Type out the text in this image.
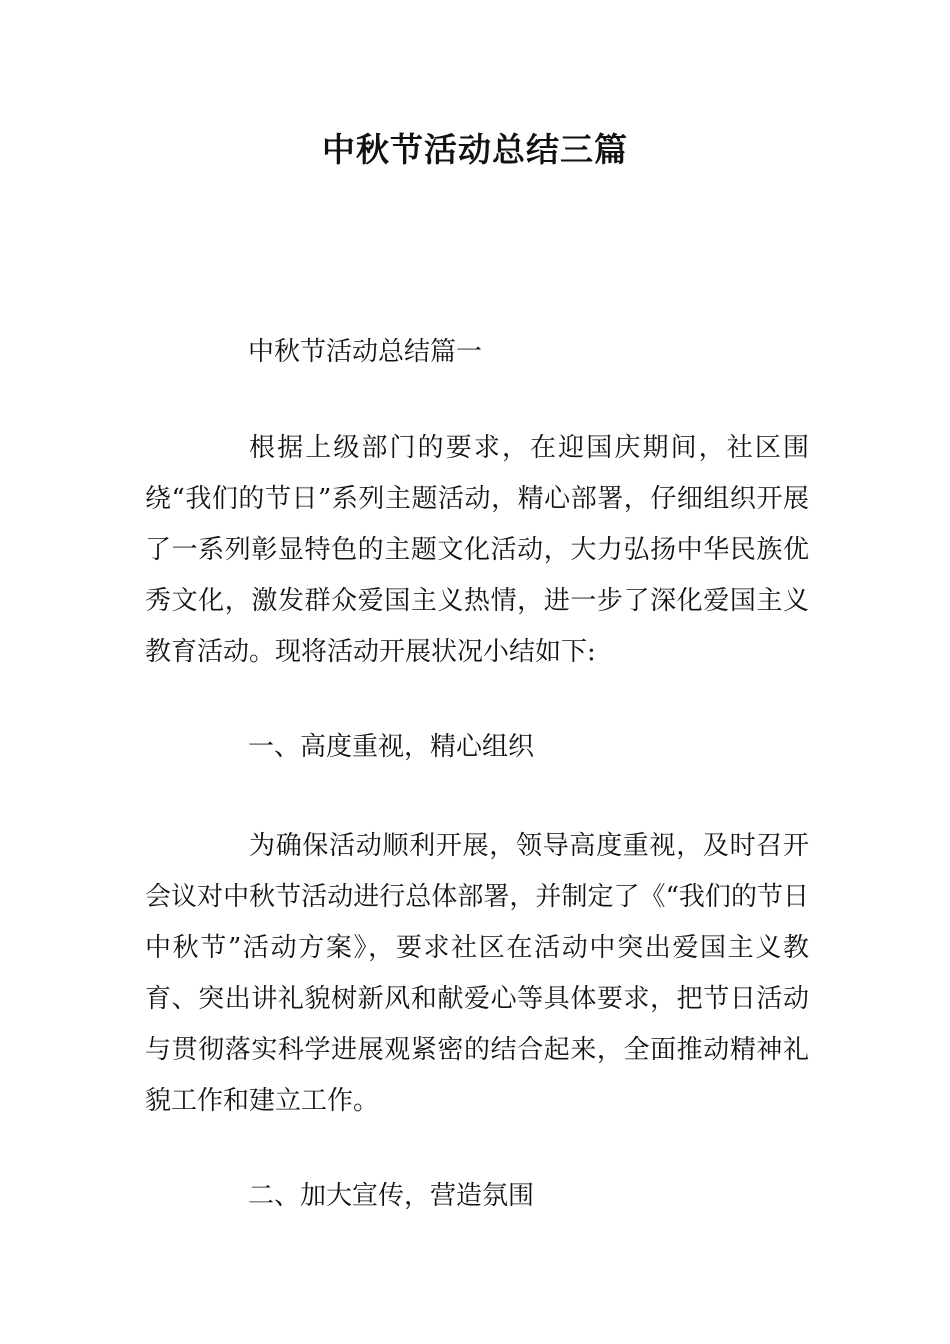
中秋节活动总结三篇

中秋节活动总结篇一

根据上级部门的要求，在迎国庆期间，社区围绕“我们的节日”系列主题活动，精心部署，仔细组织开展了一系列彰显特色的主题文化活动，大力弘扬中华民族优秀文化，激发群众爱国主义热情，进一步了深化爱国主义教育活动。现将活动开展状况小结如下:

一、高度重视，精心组织

为确保活动顺利开展，领导高度重视，及时召开会议对中秋节活动进行总体部署，并制定了《“我们的节日中秋节”活动方案》，要求社区在活动中突出爱国主义教育、突出讲礼貌树新风和献爱心等具体要求，把节日活动与贯彻落实科学进展观紧密的结合起来，全面推动精神礼貌工作和建立工作。

二、加大宣传，营造氛围
